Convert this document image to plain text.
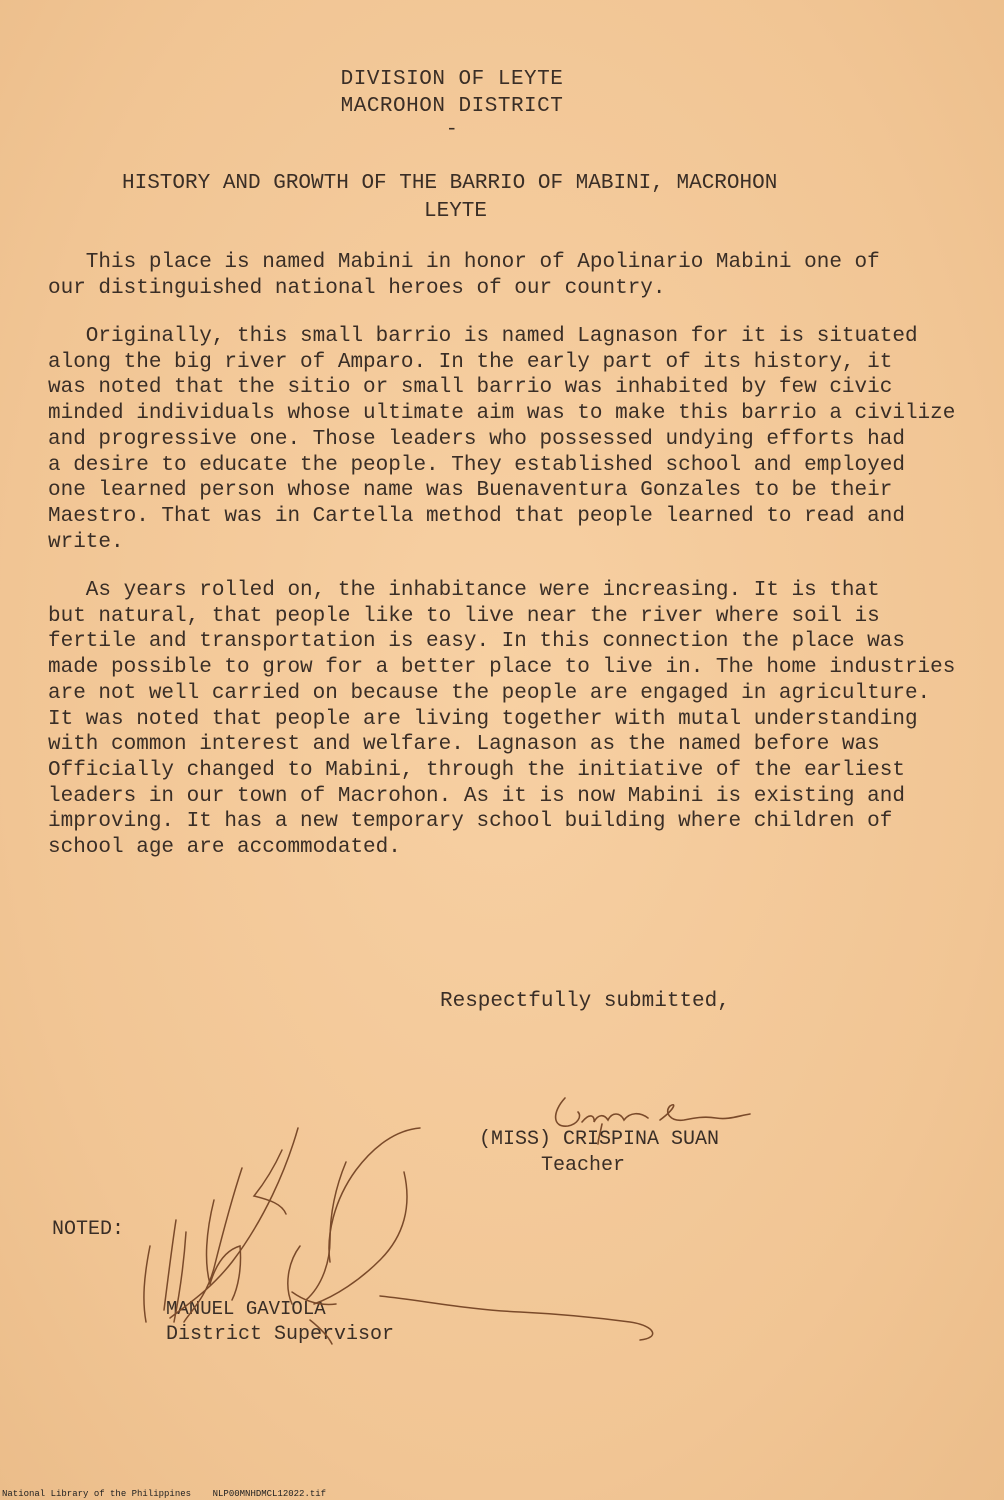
DIVISION OF LEYTE
MACROHON DISTRICT
-
HISTORY AND GROWTH OF THE BARRIO OF MABINI, MACROHON
LEYTE
This place is named Mabini in honor of Apolinario Mabini one of
our distinguished national heroes of our country.
Originally, this small barrio is named Lagnason for it is situated
along the big river of Amparo. In the early part of its history, it
was noted that the sitio or small barrio was inhabited by few civic
minded individuals whose ultimate aim was to make this barrio a civilize
and progressive one. Those leaders who possessed undying efforts had
a desire to educate the people. They established school and employed
one learned person whose name was Buenaventura Gonzales to be their
Maestro. That was in Cartella method that people learned to read and
write.
As years rolled on, the inhabitance were increasing. It is that
but natural, that people like to live near the river where soil is
fertile and transportation is easy. In this connection the place was
made possible to grow for a better place to live in. The home industries
are not well carried on because the people are engaged in agriculture.
It was noted that people are living together with mutal understanding
with common interest and welfare. Lagnason as the named before was
Officially changed to Mabini, through the initiative of the earliest
leaders in our town of Macrohon. As it is now Mabini is existing and
improving. It has a new temporary school building where children of
school age are accommodated.
Respectfully submitted,
(MISS) CRISPINA SUAN
Teacher
NOTED:
MANUEL GAVIOLA
District Supervisor
National Library of the Philippines    NLP00MNHDMCL12022.tif
